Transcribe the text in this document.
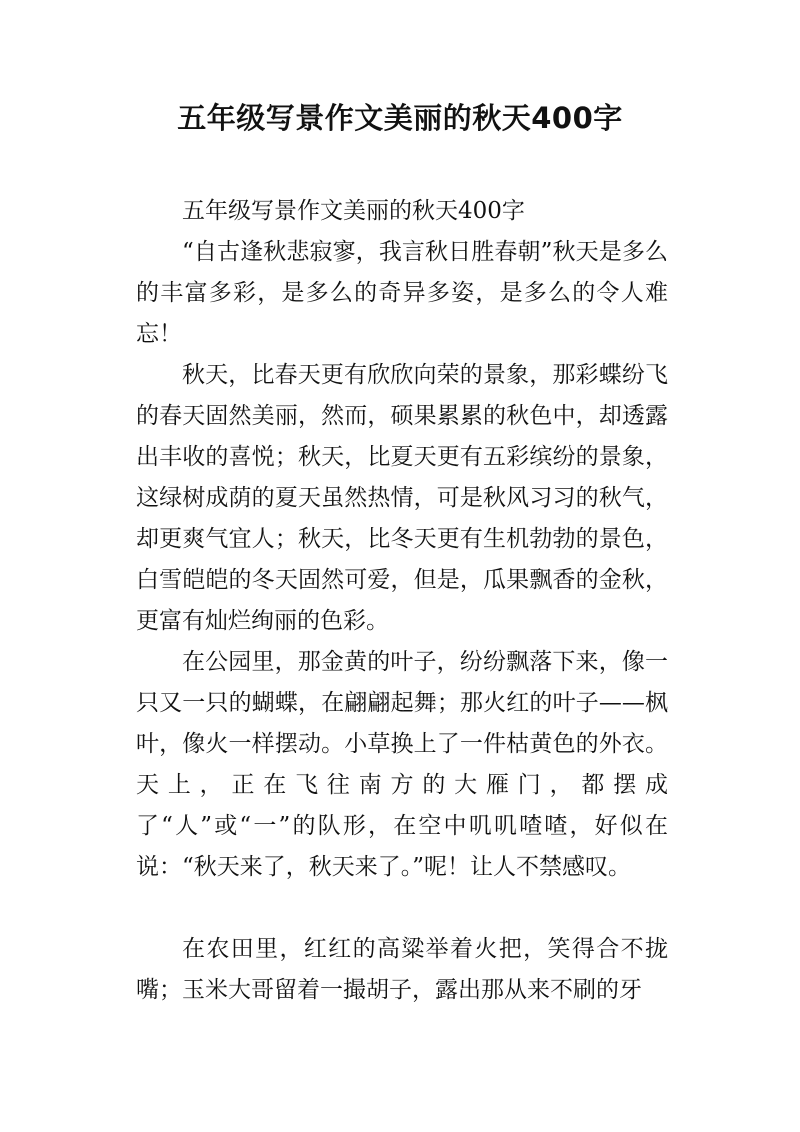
五年级写景作文美丽的秋天400字

五年级写景作文美丽的秋天400字

“自古逢秋悲寂寥，我言秋日胜春朝”秋天是多么的丰富多彩，是多么的奇异多姿，是多么的令人难忘！

秋天，比春天更有欣欣向荣的景象，那彩蝶纷飞的春天固然美丽，然而，硕果累累的秋色中，却透露出丰收的喜悦；秋天，比夏天更有五彩缤纷的景象，这绿树成荫的夏天虽然热情，可是秋风习习的秋气，却更爽气宜人；秋天，比冬天更有生机勃勃的景色，白雪皑皑的冬天固然可爱，但是，瓜果飘香的金秋，更富有灿烂绚丽的色彩。

在公园里，那金黄的叶子，纷纷飘落下来，像一只又一只的蝴蝶，在翩翩起舞；那火红的叶子——枫叶，像火一样摆动。小草换上了一件枯黄色的外衣。天上，正在飞往南方的大雁门，都摆成了“人”或“一”的队形，在空中叽叽喳喳，好似在说：“秋天来了，秋天来了。”呢！让人不禁感叹。

在农田里，红红的高粱举着火把，笑得合不拢嘴；玉米大哥留着一撮胡子，露出那从来不刷的牙
